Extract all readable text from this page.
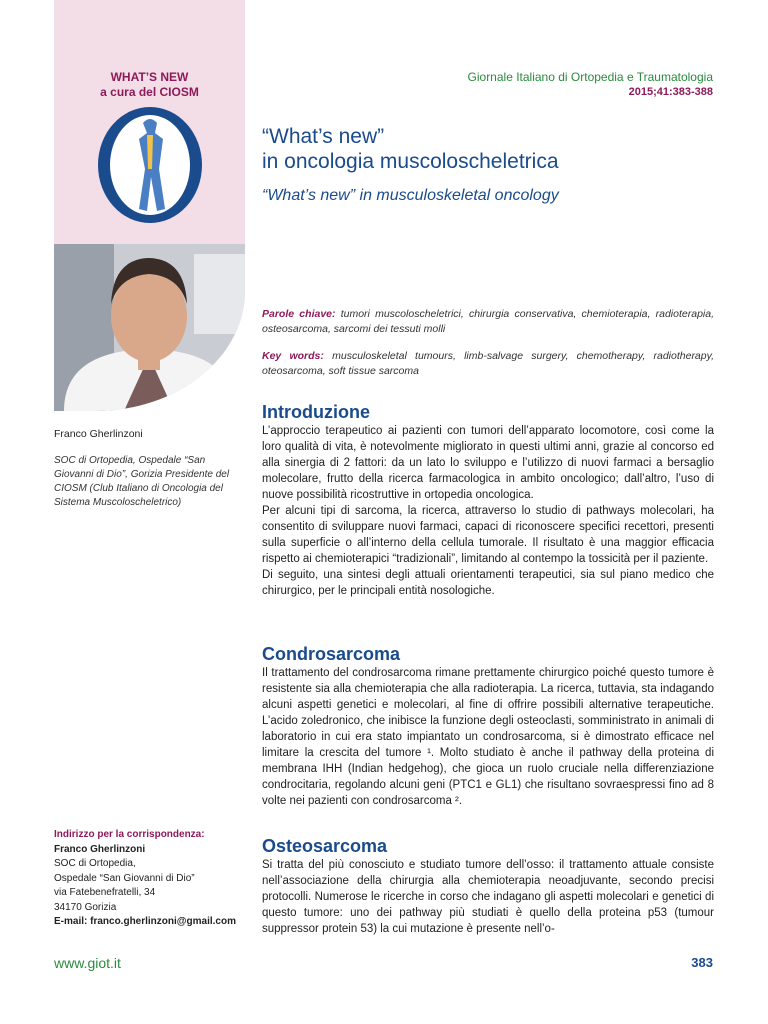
WHAT’S NEW
a cura del CIOSM
Giornale Italiano di Ortopedia e Traumatologia
2015;41:383-388
“What’s new”
in oncologia muscoloscheletrica
“What’s new” in musculoskeletal oncology
Parole chiave: tumori muscoloscheletrici, chirurgia conservativa, chemioterapia, radioterapia, osteosarcoma, sarcomi dei tessuti molli
Key words: musculoskeletal tumours, limb-salvage surgery, chemotherapy, radiotherapy, oteosarcoma, soft tissue sarcoma
Franco Gherlinzoni
SOC di Ortopedia, Ospedale “San Giovanni di Dio”, Gorizia Presidente del CIOSM (Club Italiano di Oncologia del Sistema Muscoloscheletrico)
Introduzione

L’approccio terapeutico ai pazienti con tumori dell’apparato locomotore, così come la loro qualità di vita, è notevolmente migliorato in questi ultimi anni, grazie al concorso ed alla sinergia di 2 fattori: da un lato lo sviluppo e l’utilizzo di nuovi farmaci a bersaglio molecolare, frutto della ricerca farmacologica in ambito oncologico; dall’altro, l’uso di nuove possibilità ricostruttive in ortopedia oncologica.

Per alcuni tipi di sarcoma, la ricerca, attraverso lo studio di pathways molecolari, ha consentito di sviluppare nuovi farmaci, capaci di riconoscere specifici recettori, presenti sulla superficie o all’interno della cellula tumorale. Il risultato è una maggior efficacia rispetto ai chemioterapici “tradizionali”, limitando al contempo la tossicità per il paziente.

Di seguito, una sintesi degli attuali orientamenti terapeutici, sia sul piano medico che chirurgico, per le principali entità nosologiche.

Condrosarcoma

Il trattamento del condrosarcoma rimane prettamente chirurgico poiché questo tumore è resistente sia alla chemioterapia che alla radioterapia. La ricerca, tuttavia, sta indagando alcuni aspetti genetici e molecolari, al fine di offrire possibili alternative terapeutiche. L’acido zoledronico, che inibisce la funzione degli osteoclasti, somministrato in animali di laboratorio in cui era stato impiantato un condrosarcoma, si è dimostrato efficace nel limitare la crescita del tumore ¹. Molto studiato è anche il pathway della proteina di membrana IHH (Indian hedgehog), che gioca un ruolo cruciale nella differenziazione condrocitaria, regolando alcuni geni (PTC1 e GL1) che risultano sovraespressi fino ad 8 volte nei pazienti con condrosarcoma ².

Osteosarcoma

Si tratta del più conosciuto e studiato tumore dell’osso: il trattamento attuale consiste nell’associazione della chirurgia alla chemioterapia neoadjuvante, secondo precisi protocolli. Numerose le ricerche in corso che indagano gli aspetti molecolari e genetici di questo tumore: uno dei pathway più studiati è quello della proteina p53 (tumour suppressor protein 53) la cui mutazione è presente nell’o-

Indirizzo per la corrispondenza:
Franco Gherlinzoni
SOC di Ortopedia,
Ospedale “San Giovanni di Dio”
via Fatebenefratelli, 34
34170 Gorizia
E-mail: franco.gherlinzoni@gmail.com
www.giot.it	383
